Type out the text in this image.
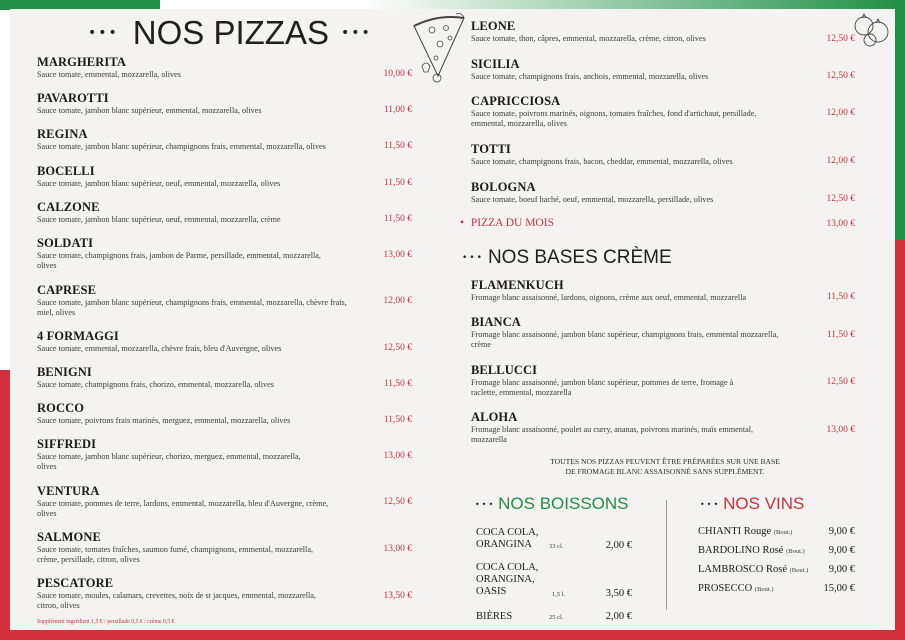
••• NOS PIZZAS •••
MARGHERITA
Sauce tomate, emmental, mozzarella, olives	10,00 €
PAVAROTTI
Sauce tomate, jambon blanc supérieur, emmental, mozzarella, olives	11,00 €
REGINA
Sauce tomate, jambon blanc supérieur, champignons frais, emmental, mozzarella, olives	11,50 €
BOCELLI
Sauce tomate, jambon blanc supérieur, oeuf, emmental, mozzarella, olives	11,50 €
CALZONE
Sauce tomate, jambon blanc supérieur, oeuf, emmental, mozzarella, crème	11,50 €
SOLDATI
Sauce tomate, champignons frais, jambon de Parme, persillade, emmental, mozzarella, olives
13,00 €
CAPRESE
Sauce tomate, jambon blanc supérieur, champignons frais, emmental, mozzarella, chèvre frais, miel, olives
12,00 €
4 FORMAGGI
Sauce tomate, emmental, mozzarella, chèvre frais, bleu d'Auvergne, olives	12,50 €
BENIGNI
Sauce tomate, champignons frais, chorizo, emmental, mozzarella, olives	11,50 €
ROCCO
Sauce tomate, poivrons frais marinés, merguez, emmental, mozzarella, olives	11,50 €
SIFFREDI
Sauce tomate, jambon blanc supérieur, chorizo, merguez, emmental, mozzarella, olives
13,00 €
VENTURA
Sauce tomate, pommes de terre, lardons, emmental, mozzarella, bleu d'Auvergne, crème, olives
12,50 €
SALMONE
Sauce tomate, tomates fraîches, saumon fumé, champignons, emmental, mozzarella, crème, persillade, citron, olives
13,00 €
PESCATORE
Sauce tomate, moules, calamars, crevettes, noix de st jacques, emmental, mozzarella, citron, olives
13,50 €
Supplément ingrédient 1,5 € / persillade 0,5 € / crème 0,5 €
LEONE
Sauce tomate, thon, câpres, emmental, mozzarella, crème, citron, olives	12,50 €
SICILIA
Sauce tomate, champignons frais, anchois, emmental, mozzarella, olives	12,50 €
CAPRICCIOSA
Sauce tomate, poivrons marinés, oignons, tomates fraîches, fond d'artichaut, persillade, emmental, mozzarella, olives
12,00 €
TOTTI
Sauce tomate, champignons frais, bacon, cheddar, emmental, mozzarella, olives	12,00 €
BOLOGNA
Sauce tomate, boeuf haché, oeuf, emmental, mozzarella, persillade, olives	12,50 €
• PIZZA DU MOIS	13,00 €
••• NOS BASES CRÈME
FLAMENKUCH
Fromage blanc assaisonné, lardons, oignons, crème aux oeuf, emmental, mozzarella	11,50 €
BIANCA
Fromage blanc assaisonné, jambon blanc supérieur, champignons frais, emmental mozzarella, crème
11,50 €
BELLUCCI
Fromage blanc assaisonné, jambon blanc supérieur, pommes de terre, fromage à raclette, emmental, mozzarella
12,50 €
ALOHA
Fromage blanc assaisonné, poulet au curry, ananas, poivrons marinés, maïs emmental, mozzarella
13,00 €
TOUTES NOS PIZZAS PEUVENT ÊTRE PRÉPARÉES SUR UNE BASE
DE FROMAGE BLANC ASSAISONNÉ SANS SUPPLÉMENT.
••• NOS BOISSONS
COCA COLA, ORANGINA	33 cl.	2,00 €
COCA COLA, ORANGINA, OASIS	1,5 l.	3,50 €
BIÈRES	25 cl.	2,00 €
••• NOS VINS
CHIANTI Rouge (Bout.)	9,00 €
BARDOLINO Rosé (Bout.) 9,00 €
LAMBROSCO Rosé (Bout.) 9,00 €
PROSECCO (Bout.)	15,00 €
